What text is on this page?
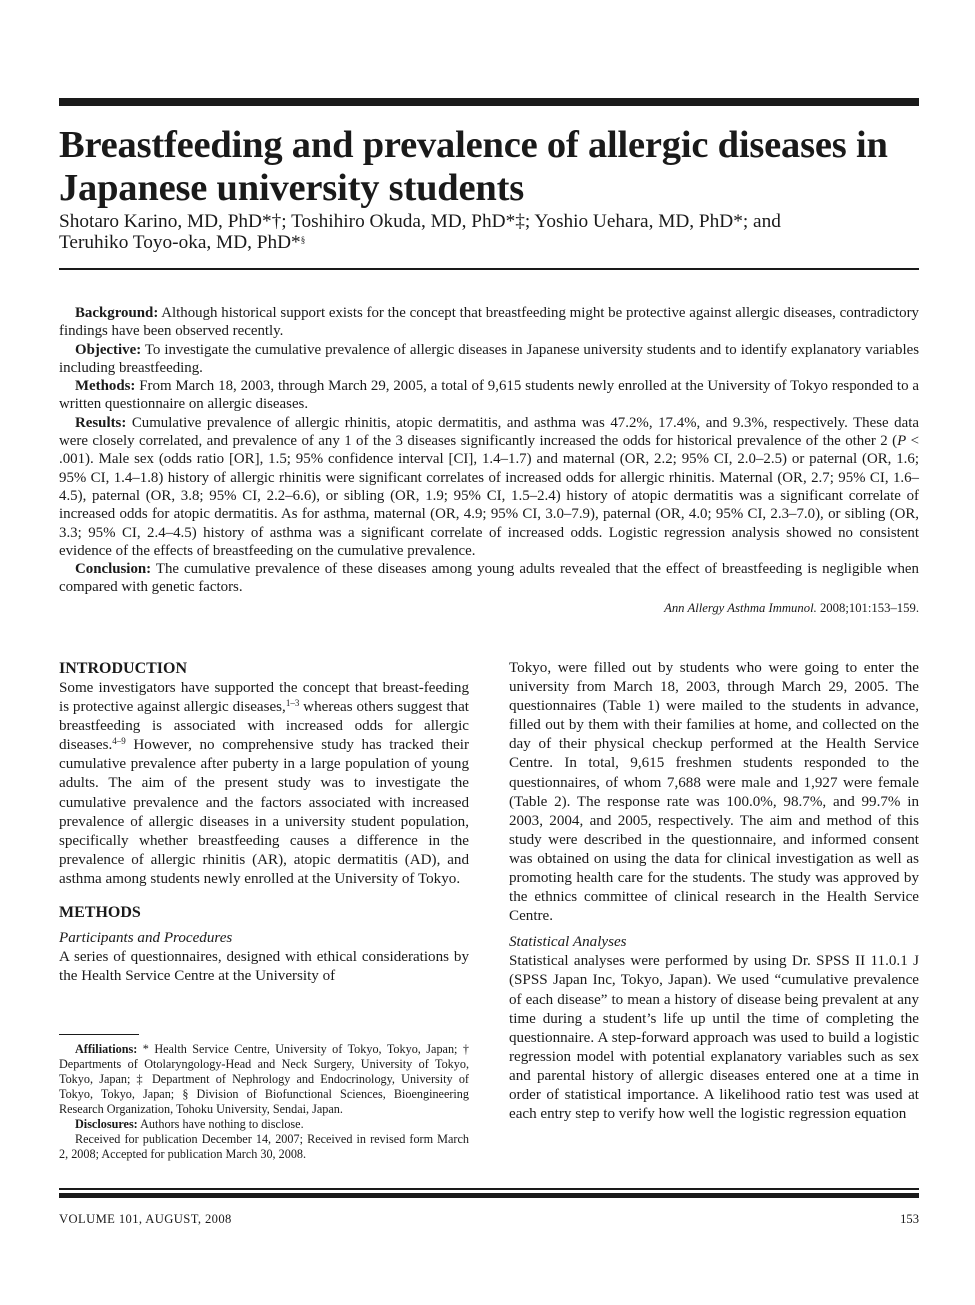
Breastfeeding and prevalence of allergic diseases in Japanese university students
Shotaro Karino, MD, PhD*†; Toshihiro Okuda, MD, PhD*‡; Yoshio Uehara, MD, PhD*; and
Teruhiko Toyo-oka, MD, PhD*§

Background: Although historical support exists for the concept that breastfeeding might be protective against allergic diseases, contradictory findings have been observed recently.

Objective: To investigate the cumulative prevalence of allergic diseases in Japanese university students and to identify explanatory variables including breastfeeding.

Methods: From March 18, 2003, through March 29, 2005, a total of 9,615 students newly enrolled at the University of Tokyo responded to a written questionnaire on allergic diseases.

Results: Cumulative prevalence of allergic rhinitis, atopic dermatitis, and asthma was 47.2%, 17.4%, and 9.3%, respectively. These data were closely correlated, and prevalence of any 1 of the 3 diseases significantly increased the odds for historical prevalence of the other 2 (P < .001). Male sex (odds ratio [OR], 1.5; 95% confidence interval [CI], 1.4–1.7) and maternal (OR, 2.2; 95% CI, 2.0–2.5) or paternal (OR, 1.6; 95% CI, 1.4–1.8) history of allergic rhinitis were significant correlates of increased odds for allergic rhinitis. Maternal (OR, 2.7; 95% CI, 1.6–4.5), paternal (OR, 3.8; 95% CI, 2.2–6.6), or sibling (OR, 1.9; 95% CI, 1.5–2.4) history of atopic dermatitis was a significant correlate of increased odds for atopic dermatitis. As for asthma, maternal (OR, 4.9; 95% CI, 3.0–7.9), paternal (OR, 4.0; 95% CI, 2.3–7.0), or sibling (OR, 3.3; 95% CI, 2.4–4.5) history of asthma was a significant correlate of increased odds. Logistic regression analysis showed no consistent evidence of the effects of breastfeeding on the cumulative prevalence.

Conclusion: The cumulative prevalence of these diseases among young adults revealed that the effect of breastfeeding is negligible when compared with genetic factors.

Ann Allergy Asthma Immunol. 2008;101:153–159.

INTRODUCTION

Some investigators have supported the concept that breast-feeding is protective against allergic diseases,$^{1-3}$ whereas others suggest that breastfeeding is associated with increased odds for allergic diseases.$^{4-9}$ However, no comprehensive study has tracked their cumulative prevalence after puberty in a large population of young adults. The aim of the present study was to investigate the cumulative prevalence and the factors associated with increased prevalence of allergic diseases in a university student population, specifically whether breastfeeding causes a difference in the prevalence of allergic rhinitis (AR), atopic dermatitis (AD), and asthma among students newly enrolled at the University of Tokyo.

METHODS

Participants and Procedures

A series of questionnaires, designed with ethical considerations by the Health Service Centre at the University of

Affiliations: * Health Service Centre, University of Tokyo, Tokyo, Japan; † Departments of Otolaryngology-Head and Neck Surgery, University of Tokyo, Tokyo, Japan; ‡ Department of Nephrology and Endocrinology, University of Tokyo, Tokyo, Japan; § Division of Biofunctional Sciences, Bioengineering Research Organization, Tohoku University, Sendai, Japan.

Disclosures: Authors have nothing to disclose.

Received for publication December 14, 2007; Received in revised form March 2, 2008; Accepted for publication March 30, 2008.

Tokyo, were filled out by students who were going to enter the university from March 18, 2003, through March 29, 2005. The questionnaires (Table 1) were mailed to the students in advance, filled out by them with their families at home, and collected on the day of their physical checkup performed at the Health Service Centre. In total, 9,615 freshmen students responded to the questionnaires, of whom 7,688 were male and 1,927 were female (Table 2). The response rate was 100.0%, 98.7%, and 99.7% in 2003, 2004, and 2005, respectively. The aim and method of this study were described in the questionnaire, and informed consent was obtained on using the data for clinical investigation as well as promoting health care for the students. The study was approved by the ethnics committee of clinical research in the Health Service Centre.

Statistical Analyses

Statistical analyses were performed by using Dr. SPSS II 11.0.1 J (SPSS Japan Inc, Tokyo, Japan). We used “cumulative prevalence of each disease” to mean a history of disease being prevalent at any time during a student’s life up until the time of completing the questionnaire. A step-forward approach was used to build a logistic regression model with potential explanatory variables such as sex and parental history of allergic diseases entered one at a time in order of statistical importance. A likelihood ratio test was used at each entry step to verify how well the logistic regression equation

VOLUME 101, AUGUST, 2008	153
